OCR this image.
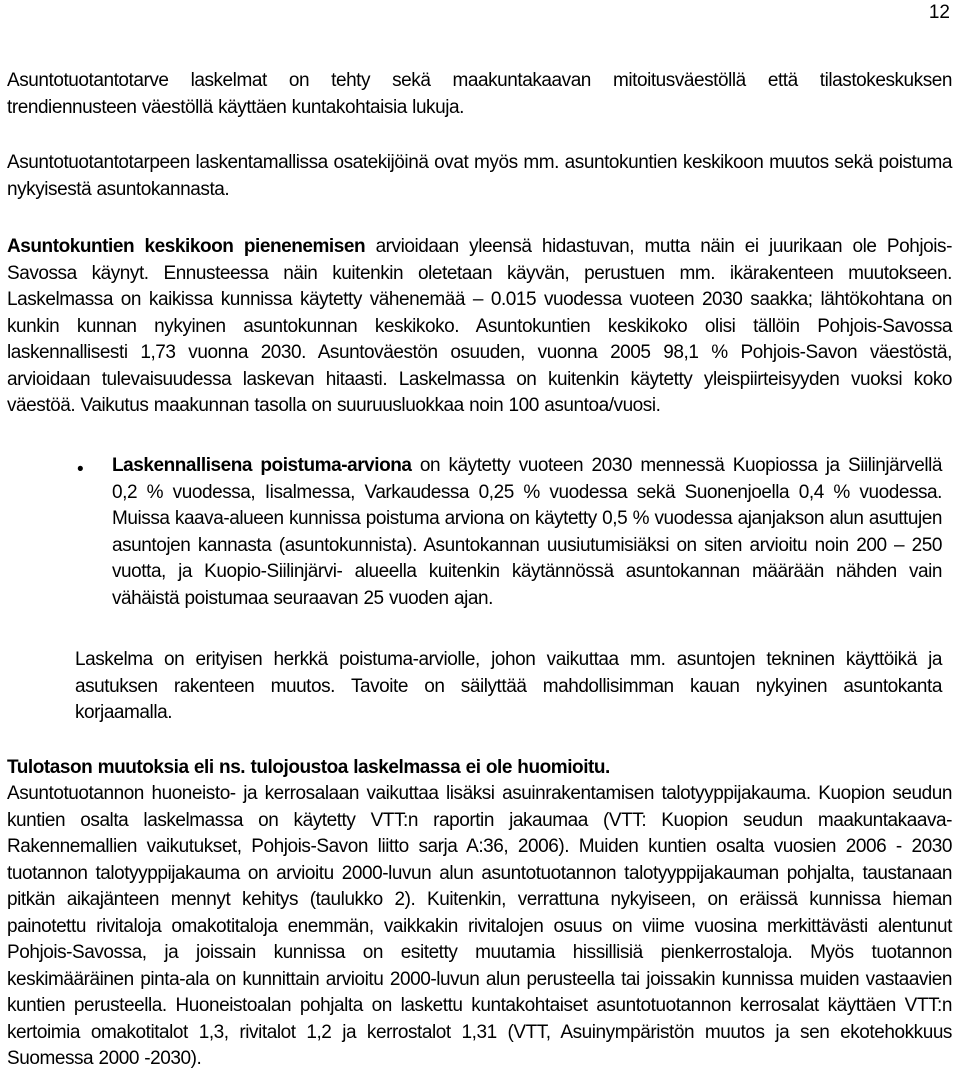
12

Asuntotuotantotarve laskelmat on tehty sekä maakuntakaavan mitoitusväestöllä että tilastokeskuksen trendiennusteen väestöllä käyttäen kuntakohtaisia lukuja.

Asuntotuotantotarpeen laskentamallissa osatekijöinä ovat myös mm. asuntokuntien keskikoon muutos sekä poistuma nykyisestä asuntokannasta.

Asuntokuntien keskikoon pienenemisen arvioidaan yleensä hidastuvan, mutta näin ei juurikaan ole Pohjois-Savossa käynyt. Ennusteessa näin kuitenkin oletetaan käyvän, perustuen mm. ikärakenteen muutokseen. Laskelmassa on kaikissa kunnissa käytetty vähenemää – 0.015 vuodessa vuoteen 2030 saakka; lähtökohtana on kunkin kunnan nykyinen asuntokunnan keskikoko. Asuntokuntien keskikoko olisi tällöin Pohjois-Savossa laskennallisesti 1,73 vuonna 2030. Asuntoväestön osuuden, vuonna 2005 98,1 % Pohjois-Savon väestöstä, arvioidaan tulevaisuudessa laskevan hitaasti. Laskelmassa on kuitenkin käytetty yleispiirteisyyden vuoksi koko väestöä. Vaikutus maakunnan tasolla on suuruusluokkaa noin 100 asuntoa/vuosi.

• Laskennallisena poistuma-arviona on käytetty vuoteen 2030 mennessä Kuopiossa ja Siilinjärvellä 0,2 % vuodessa, Iisalmessa, Varkaudessa 0,25 % vuodessa sekä Suonenjoella 0,4 % vuodessa. Muissa kaava-alueen kunnissa poistuma arviona on käytetty 0,5 % vuodessa ajanjakson alun asuttujen asuntojen kannasta (asuntokunnista). Asuntokannan uusiutumisiäksi on siten arvioitu noin 200 – 250 vuotta, ja Kuopio-Siilinjärvi- alueella kuitenkin käytännössä asuntokannan määrään nähden vain vähäistä poistumaa seuraavan 25 vuoden ajan.

Laskelma on erityisen herkkä poistuma-arviolle, johon vaikuttaa mm. asuntojen tekninen käyttöikä ja asutuksen rakenteen muutos. Tavoite on säilyttää mahdollisimman kauan nykyinen asuntokanta korjaamalla.

Tulotason muutoksia eli ns. tulojoustoa laskelmassa ei ole huomioitu.

Asuntotuotannon huoneisto- ja kerrosalaan vaikuttaa lisäksi asuinrakentamisen talotyyppijakauma. Kuopion seudun kuntien osalta laskelmassa on käytetty VTT:n raportin jakaumaa (VTT: Kuopion seudun maakuntakaava- Rakennemallien vaikutukset, Pohjois-Savon liitto sarja A:36, 2006). Muiden kuntien osalta vuosien 2006 - 2030 tuotannon talotyyppijakauma on arvioitu 2000-luvun alun asuntotuotannon talotyyppijakauman pohjalta, taustanaan pitkän aikajänteen mennyt kehitys (taulukko 2). Kuitenkin, verrattuna nykyiseen, on eräissä kunnissa hieman painotettu rivitaloja omakotitaloja enemmän, vaikkakin rivitalojen osuus on viime vuosina merkittävästi alentunut Pohjois-Savossa, ja joissain kunnissa on esitetty muutamia hissillisiä pienkerrostaloja. Myös tuotannon keskimääräinen pinta-ala on kunnittain arvioitu 2000-luvun alun perusteella tai joissakin kunnissa muiden vastaavien kuntien perusteella. Huoneistoalan pohjalta on laskettu kuntakohtaiset asuntotuotannon kerrosalat käyttäen VTT:n kertoimia omakotitalot 1,3, rivitalot 1,2 ja kerrostalot 1,31 (VTT, Asuinympäristön muutos ja sen ekotehokkuus Suomessa 2000 -2030).
